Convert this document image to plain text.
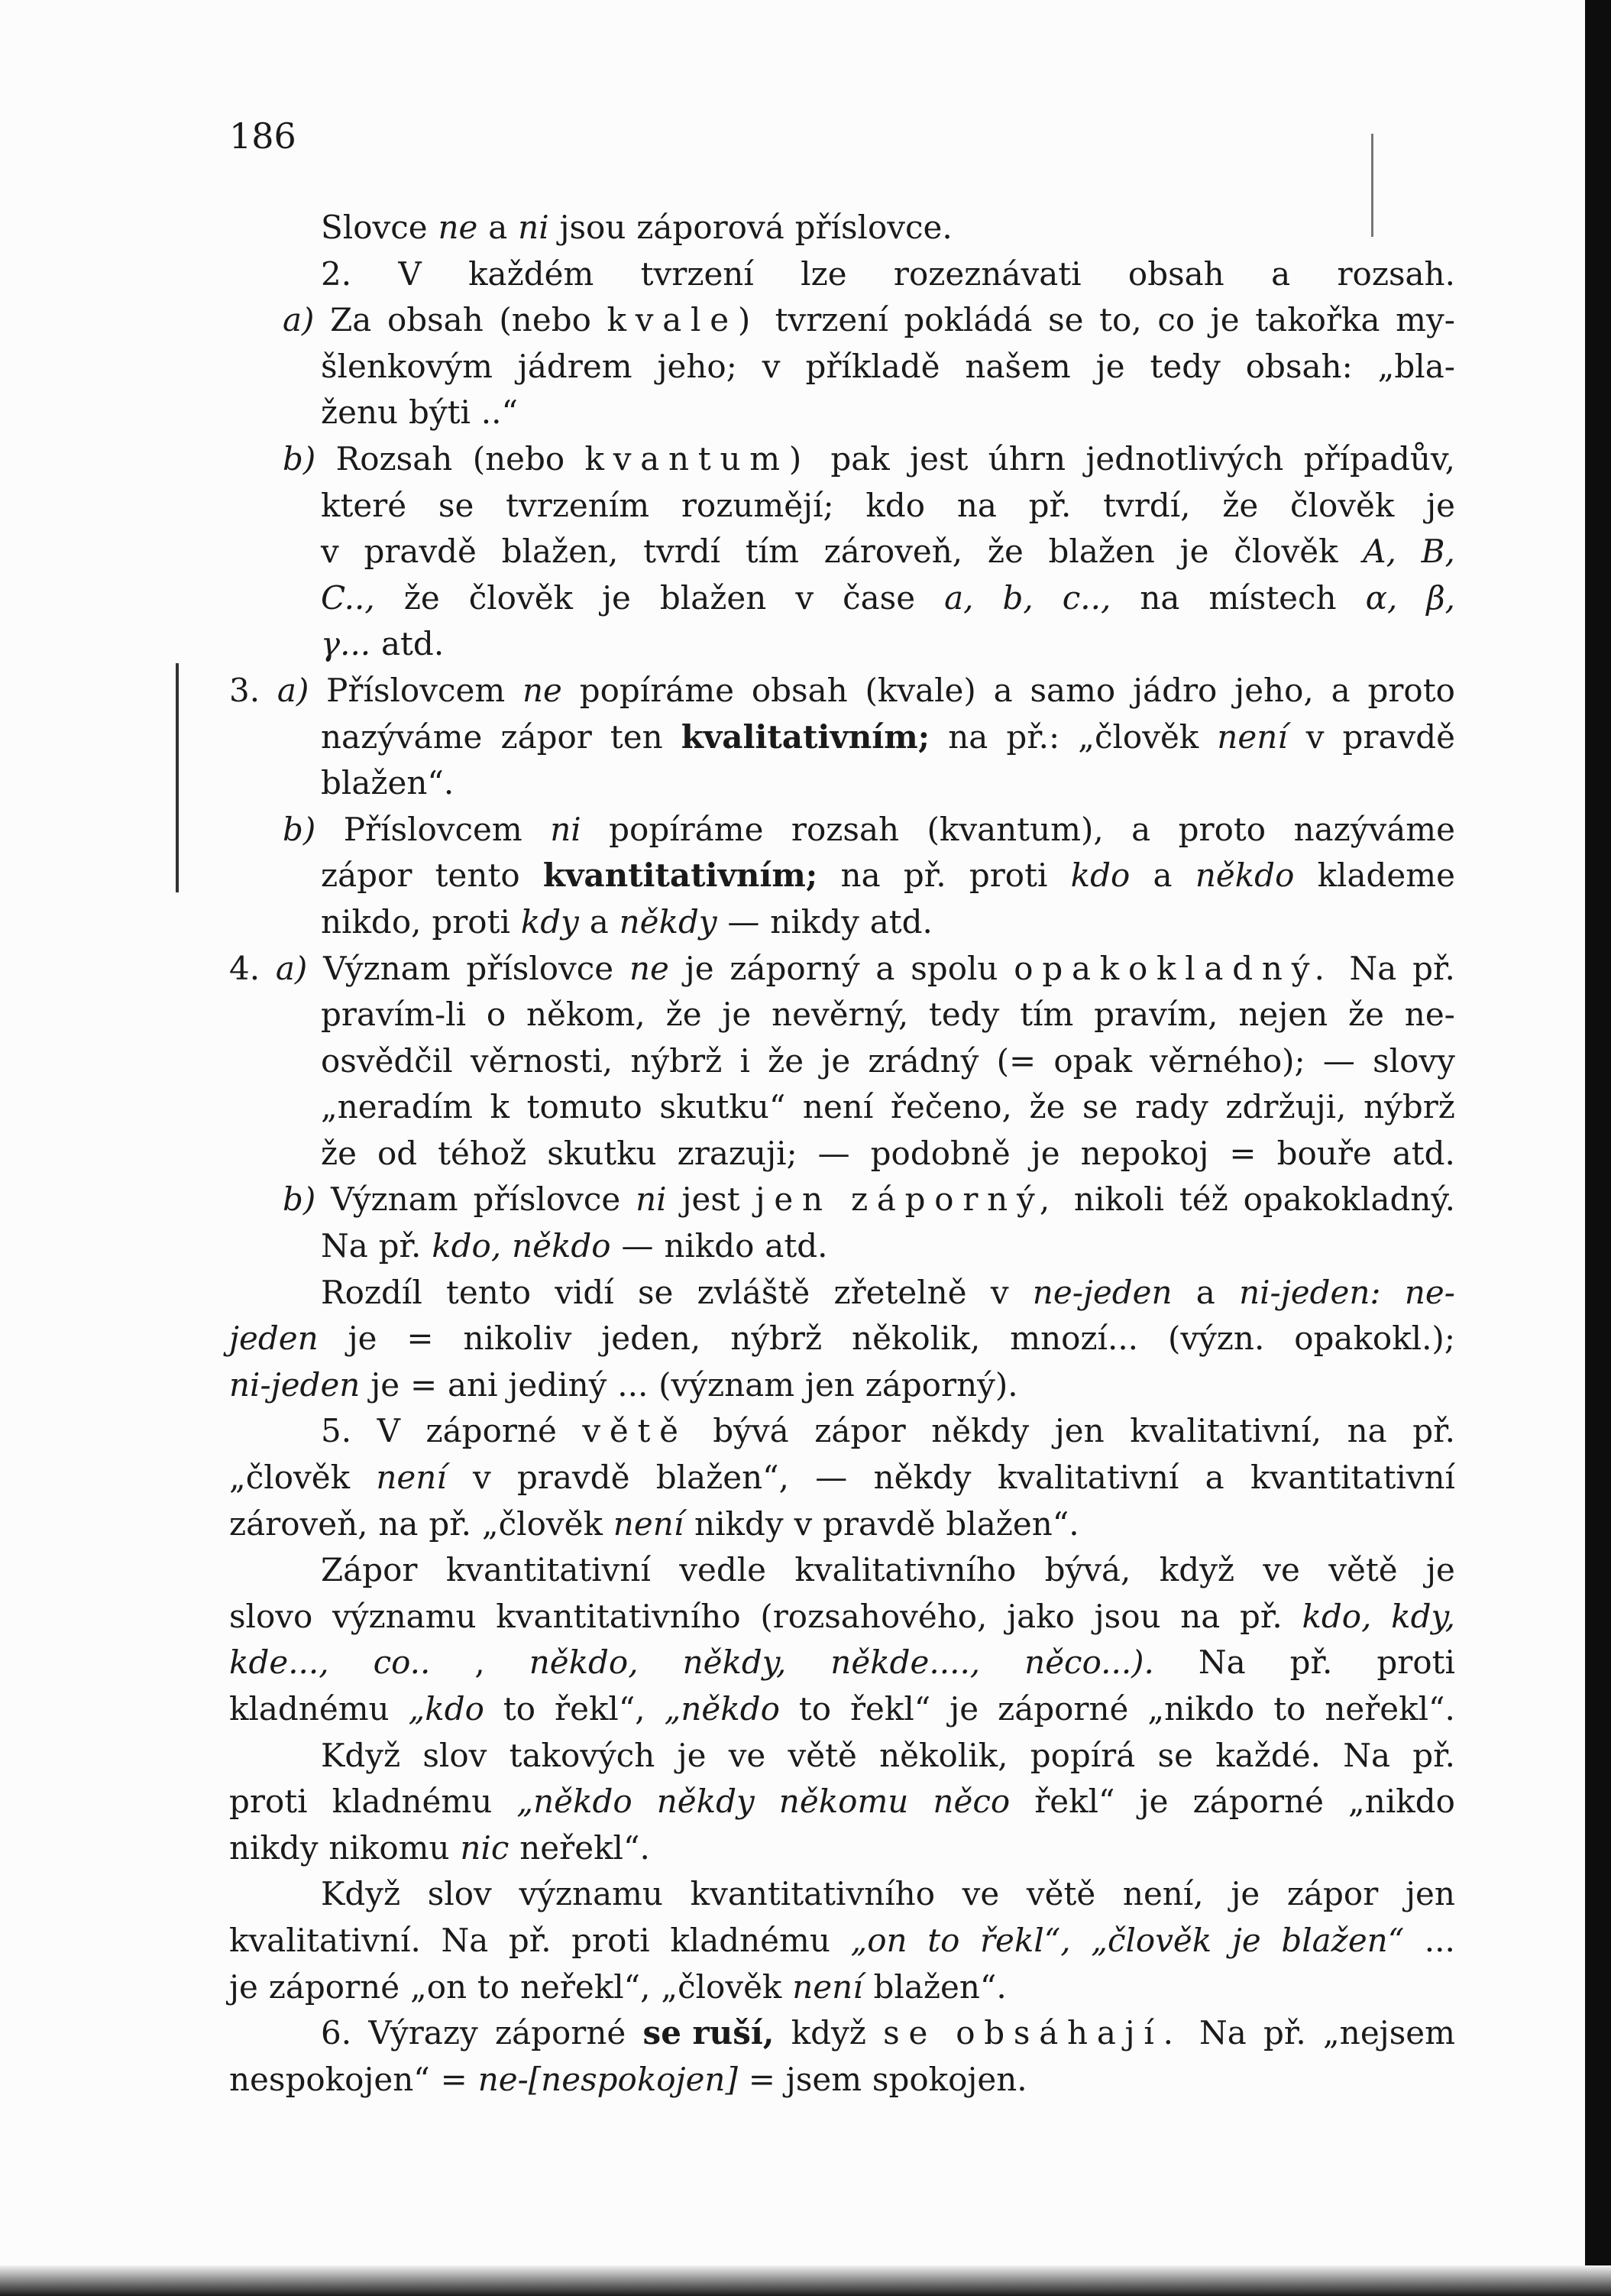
186

Slovce ne a ni jsou záporová příslovce.
2. V každém tvrzení lze rozeznávati obsah a rozsah.
a) Za obsah (nebo kvale) tvrzení pokládá se to, co je takořka my-
šlenkovým jádrem jeho; v příkladě našem je tedy obsah: „bla-
ženu býti ..“
b) Rozsah (nebo kvantum) pak jest úhrn jednotlivých případův,
které se tvrzením rozumějí; kdo na př. tvrdí, že člověk je
v pravdě blažen, tvrdí tím zároveň, že blažen je člověk A, B,
C.., že člověk je blažen v čase a, b, c.., na místech α, β,
γ... atd.
3. a) Příslovcem ne popíráme obsah (kvale) a samo jádro jeho, a proto
nazýváme zápor ten kvalitativním; na př.: „člověk není v pravdě
blažen“.
b) Příslovcem ni popíráme rozsah (kvantum), a proto nazýváme
zápor tento kvantitativním; na př. proti kdo a někdo klademe
nikdo, proti kdy a někdy — nikdy atd.
4. a) Význam příslovce ne je záporný a spolu opakokladný. Na př.
pravím-li o někom, že je nevěrný, tedy tím pravím, nejen že ne-
osvědčil věrnosti, nýbrž i že je zrádný (= opak věrného); — slovy
„neradím k tomuto skutku“ není řečeno, že se rady zdržuji, nýbrž
že od téhož skutku zrazuji; — podobně je nepokoj = bouře atd.
b) Význam příslovce ni jest jen záporný, nikoli též opakokladný.
Na př. kdo, někdo — nikdo atd.
Rozdíl tento vidí se zvláště zřetelně v ne-jeden a ni-jeden: ne-
jeden je = nikoliv jeden, nýbrž několik, mnozí... (význ. opakokl.);
ni-jeden je = ani jediný ... (význam jen záporný).
5. V záporné větě bývá zápor někdy jen kvalitativní, na př.
„člověk není v pravdě blažen“, — někdy kvalitativní a kvantitativní
zároveň, na př. „člověk není nikdy v pravdě blažen“.
Zápor kvantitativní vedle kvalitativního bývá, když ve větě je
slovo významu kvantitativního (rozsahového, jako jsou na př. kdo, kdy,
kde..., co.. , někdo, někdy, někde...., něco...). Na př. proti
kladnému „kdo to řekl“, „někdo to řekl“ je záporné „nikdo to neřekl“.
Když slov takových je ve větě několik, popírá se každé. Na př.
proti kladnému „někdo někdy někomu něco řekl“ je záporné „nikdo
nikdy nikomu nic neřekl“.
Když slov významu kvantitativního ve větě není, je zápor jen
kvalitativní. Na př. proti kladnému „on to řekl“, „člověk je blažen“ ...
je záporné „on to neřekl“, „člověk není blažen“.
6. Výrazy záporné se ruší, když se obsáhají. Na př. „nejsem
nespokojen“ = ne-[nespokojen] = jsem spokojen.
